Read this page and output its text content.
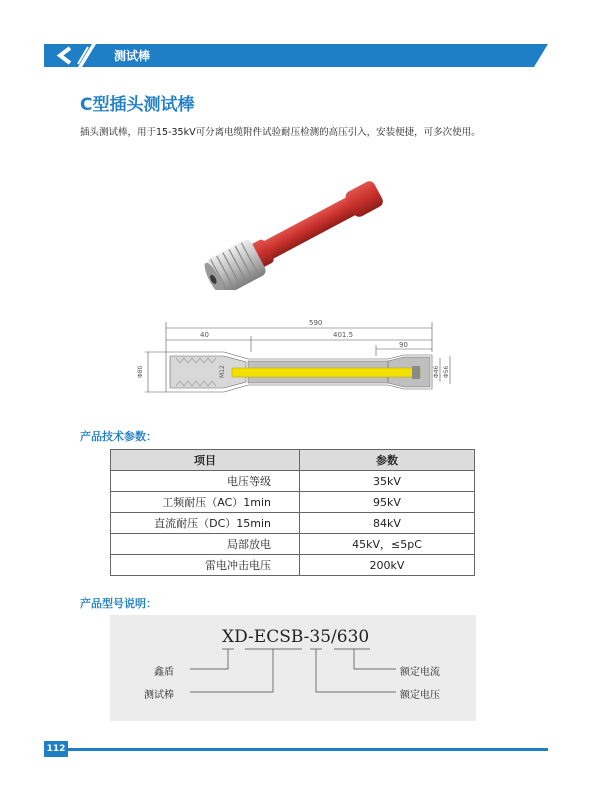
测试棒
C型插头测试棒
插头测试棒，用于15-35kV可分离电缆附件试验耐压检测的高压引入，安装便捷，可多次使用。
590
40	401.5
90
Φ80	M12	Φ46 Φ56
产品技术参数：
项目	参数
电压等级	35kV
工频耐压（AC）1min	95kV
直流耐压（DC）15min	84kV
局部放电	45kV，≤5pC
雷电冲击电压	200kV
产品型号说明：
XD-ECSB-35/630
鑫盾
测试棒
额定电流
额定电压
112
